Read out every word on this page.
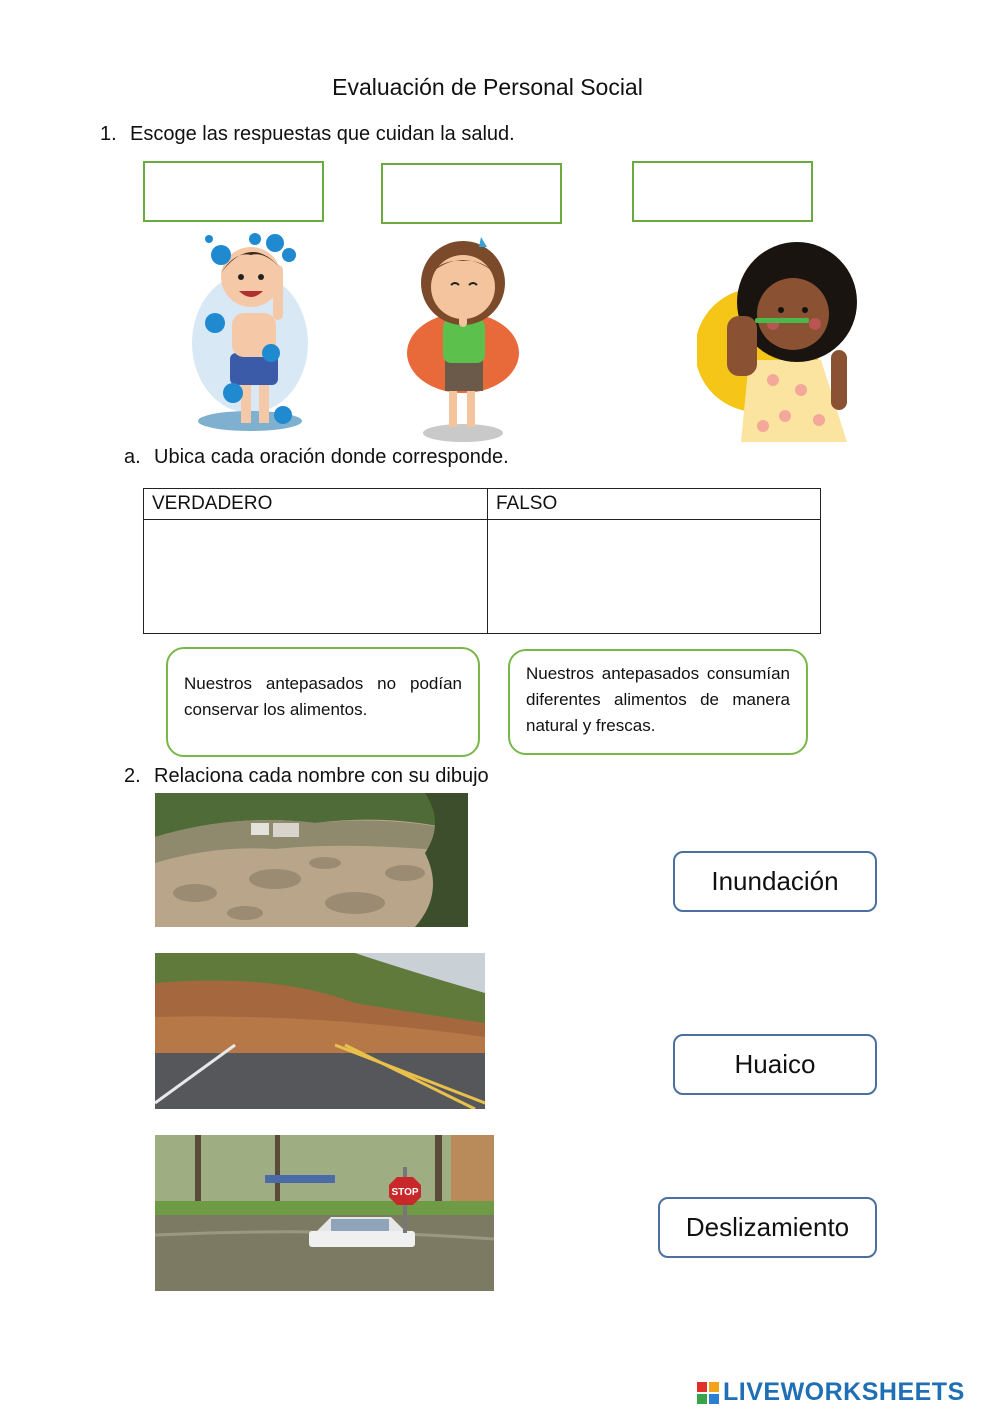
Evaluación de Personal Social
1. Escoge las respuestas que cuidan la salud.
a. Ubica cada oración donde corresponde.
VERDADERO	FALSO

Nuestros antepasados no podían conservar los alimentos.
Nuestros antepasados consumían diferentes alimentos de manera natural y frescas.
2. Relaciona cada nombre con su dibujo
STOP
Inundación
Huaico
Deslizamiento
LIVEWORKSHEETS
